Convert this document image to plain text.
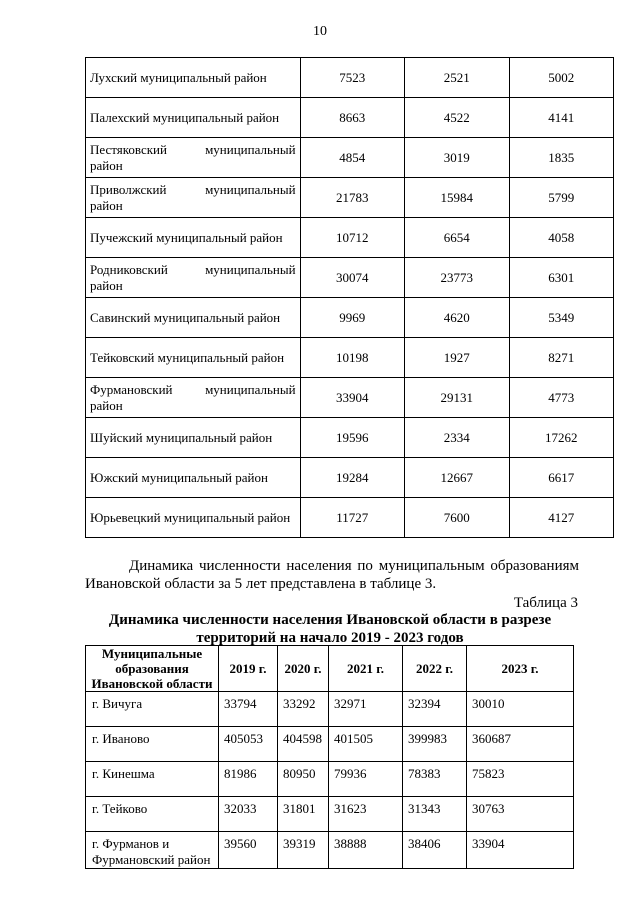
10
Лухский муниципальный район	7523	2521	5002
Палехский муниципальный район	8663	4522	4141

Пестяковский муниципальный
район	4854	3019	1835

Приволжский муниципальный
район	21783	15984	5799
Пучежский муниципальный район	10712	6654	4058

Родниковский муниципальный
район	30074	23773	6301
Савинский муниципальный район	9969	4620	5349
Тейковский муниципальный район	10198	1927	8271

Фурмановский муниципальный
район	33904	29131	4773
Шуйский муниципальный район	19596	2334	17262
Южский муниципальный район	19284	12667	6617
Юрьевецкий муниципальный район	11727	7600	4127

Динамика численности населения по муниципальным образованиям Ивановской области за 5 лет представлена в таблице 3.

Таблица 3
Динамика численности населения Ивановской области в разрезе территорий на начало 2019 - 2023 годов
Муниципальные образования Ивановской области	2019 г.	2020 г.	2021 г.	2022 г.	2023 г.
г. Вичуга	33794	33292	32971	32394	30010
г. Иваново	405053	404598	401505	399983	360687
г. Кинешма	81986	80950	79936	78383	75823
г. Тейково	32033	31801	31623	31343	30763
г. Фурманов и Фурмановский район	39560	39319	38888	38406	33904
